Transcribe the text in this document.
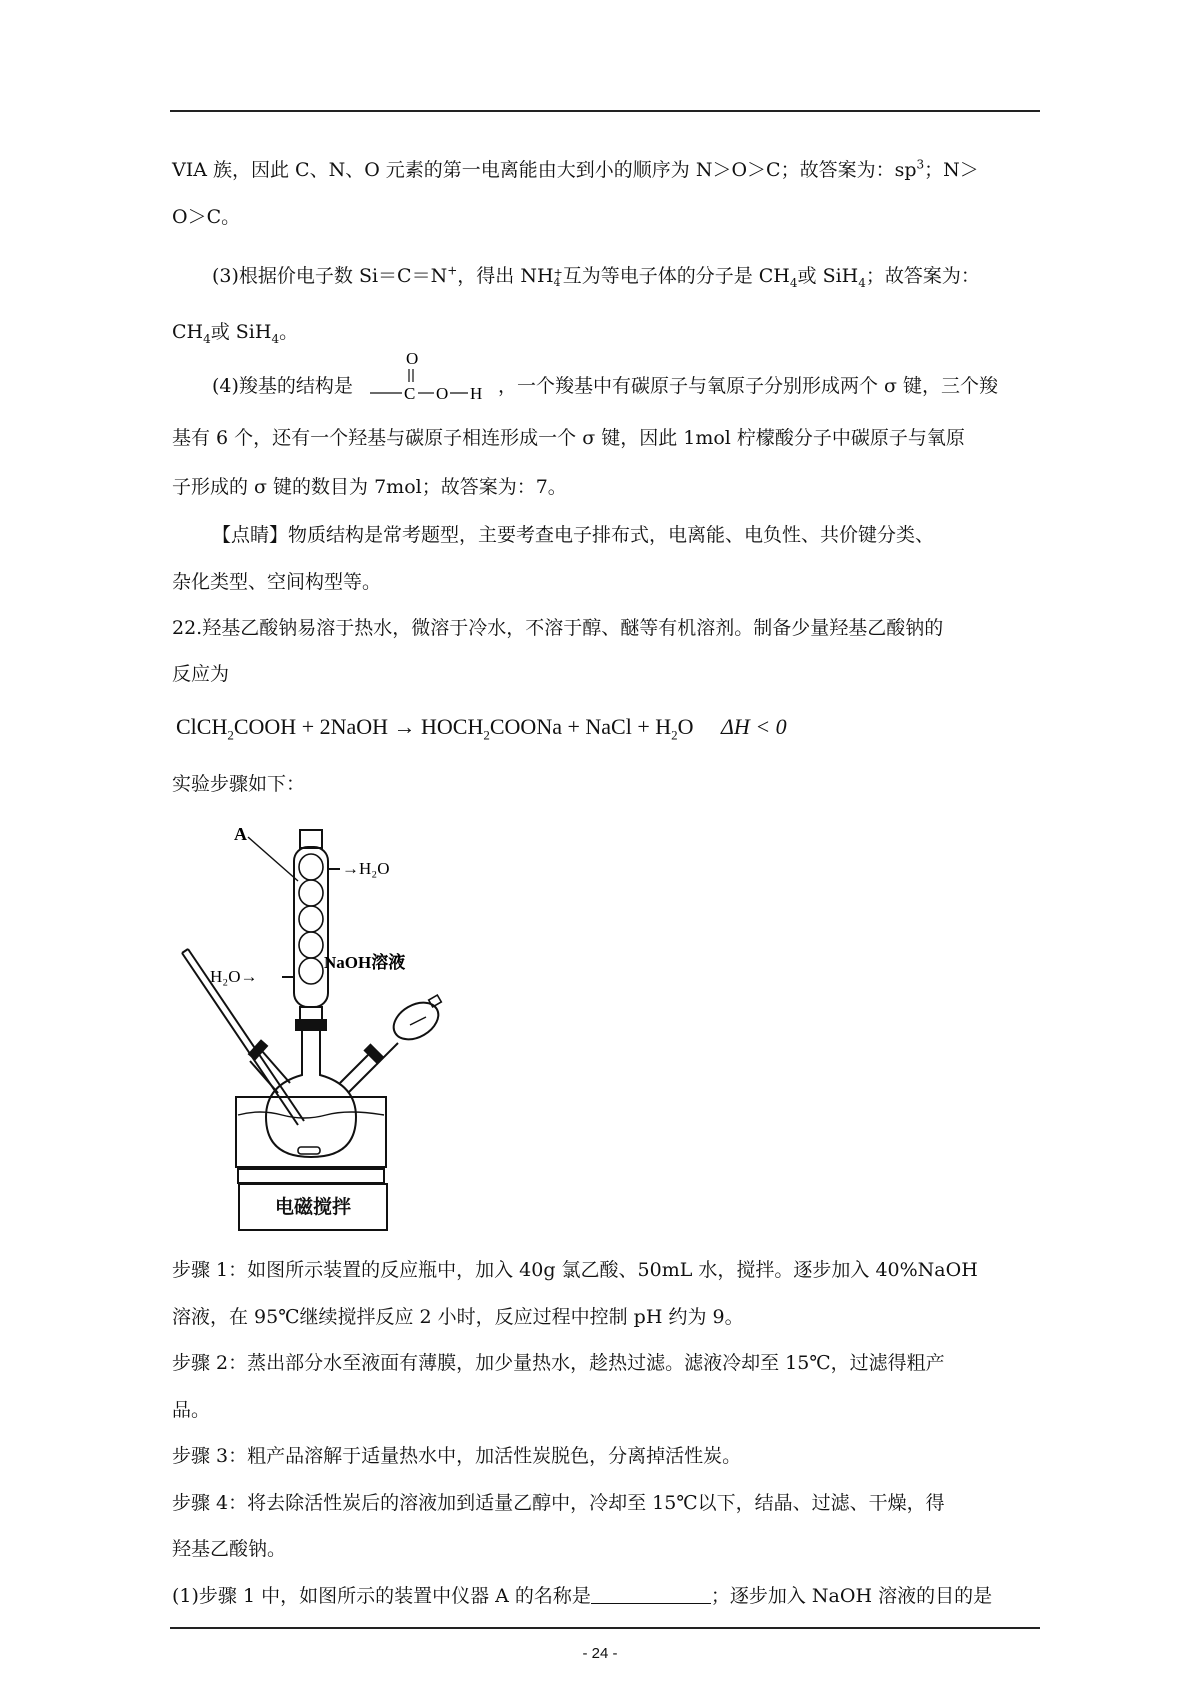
VIA 族，因此 C、N、O 元素的第一电离能由大到小的顺序为 N＞O＞C；故答案为：$sp^3$；N＞
O＞C。
(3)根据价电子数 Si＝C＝N+，得出 NH +
4 互为等电子体的分子是 $CH_4$或 SiH$_4$；故答案为：
$CH_4$或 SiH$_4$。
(4)羧基的结构是
O
C O H ，一个羧基中有碳原子与氧原子分别形成两个 σ 键，三个羧
基有 6 个，还有一个羟基与碳原子相连形成一个 σ 键，因此 1mol 柠檬酸分子中碳原子与氧原
子形成的 σ 键的数目为 7mol；故答案为：7。
【点睛】物质结构是常考题型，主要考查电子排布式，电离能、电负性、共价键分类、
杂化类型、空间构型等。
22.羟基乙酸钠易溶于热水，微溶于冷水，不溶于醇、醚等有机溶剂。制备少量羟基乙酸钠的
反应为
ClCH$_2$COOH + 2NaOH → $HOCH_2COONa$ + NaCl + $H_2O$ ΔH < 0
实验步骤如下：
A
→H₂O
H₂O→
NaOH溶液
电磁搅拌
步骤 1：如图所示装置的反应瓶中，加入 40g 氯乙酸、50mL 水，搅拌。逐步加入 40%NaOH
溶液，在 95℃继续搅拌反应 2 小时，反应过程中控制 pH 约为 9。
步骤 2：蒸出部分水至液面有薄膜，加少量热水，趁热过滤。滤液冷却至 15℃，过滤得粗产
品。
步骤 3：粗产品溶解于适量热水中，加活性炭脱色，分离掉活性炭。
步骤 4：将去除活性炭后的溶液加到适量乙醇中，冷却至 15℃以下，结晶、过滤、干燥，得
羟基乙酸钠。
(1)步骤 1 中，如图所示的装置中仪器 A 的名称是	；逐步加入 NaOH 溶液的目的是
- 24 -
